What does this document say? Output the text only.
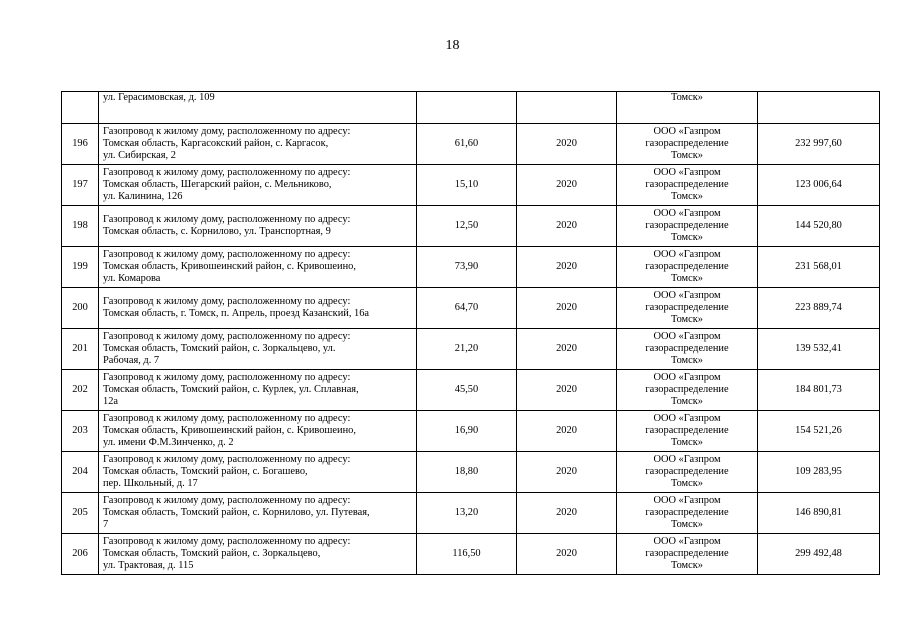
18

	ул. Герасимовская, д. 109			Томск»	

196	Газопровод к жилому дому, расположенному по адресу:
Томская область, Каргасокский район, с. Каргасок,
ул. Сибирская, 2	61,60	2020	ООО «Газпром
газораспределение
Томск»	232 997,60
197	Газопровод к жилому дому, расположенному по адресу:
Томская область, Шегарский район, с. Мельниково,
ул. Калинина, 126	15,10	2020	ООО «Газпром
газораспределение
Томск»	123 006,64
198	Газопровод к жилому дому, расположенному по адресу:
Томская область, с. Корнилово, ул. Транспортная, 9	12,50	2020	ООО «Газпром
газораспределение
Томск»	144 520,80
199	Газопровод к жилому дому, расположенному по адресу:
Томская область, Кривошеинский район, с. Кривошеино,
ул. Комарова	73,90	2020	ООО «Газпром
газораспределение
Томск»	231 568,01
200	Газопровод к жилому дому, расположенному по адресу:
Томская область, г. Томск, п. Апрель, проезд Казанский, 16а	64,70	2020	ООО «Газпром
газораспределение
Томск»	223 889,74
201	Газопровод к жилому дому, расположенному по адресу:
Томская область, Томский район, с. Зоркальцево, ул.
Рабочая, д. 7	21,20	2020	ООО «Газпром
газораспределение
Томск»	139 532,41
202	Газопровод к жилому дому, расположенному по адресу:
Томская область, Томский район, с. Курлек, ул. Сплавная,
12а	45,50	2020	ООО «Газпром
газораспределение
Томск»	184 801,73
203	Газопровод к жилому дому, расположенному по адресу:
Томская область, Кривошеинский район, с. Кривошеино,
ул. имени Ф.М.Зинченко, д. 2	16,90	2020	ООО «Газпром
газораспределение
Томск»	154 521,26
204	Газопровод к жилому дому, расположенному по адресу:
Томская область, Томский район, с. Богашево,
пер. Школьный, д. 17	18,80	2020	ООО «Газпром
газораспределение
Томск»	109 283,95
205	Газопровод к жилому дому, расположенному по адресу:
Томская область, Томский район, с. Корнилово, ул. Путевая,
7	13,20	2020	ООО «Газпром
газораспределение
Томск»	146 890,81
206	Газопровод к жилому дому, расположенному по адресу:
Томская область, Томский район, с. Зоркальцево,
ул. Трактовая, д. 115	116,50	2020	ООО «Газпром
газораспределение
Томск»	299 492,48
